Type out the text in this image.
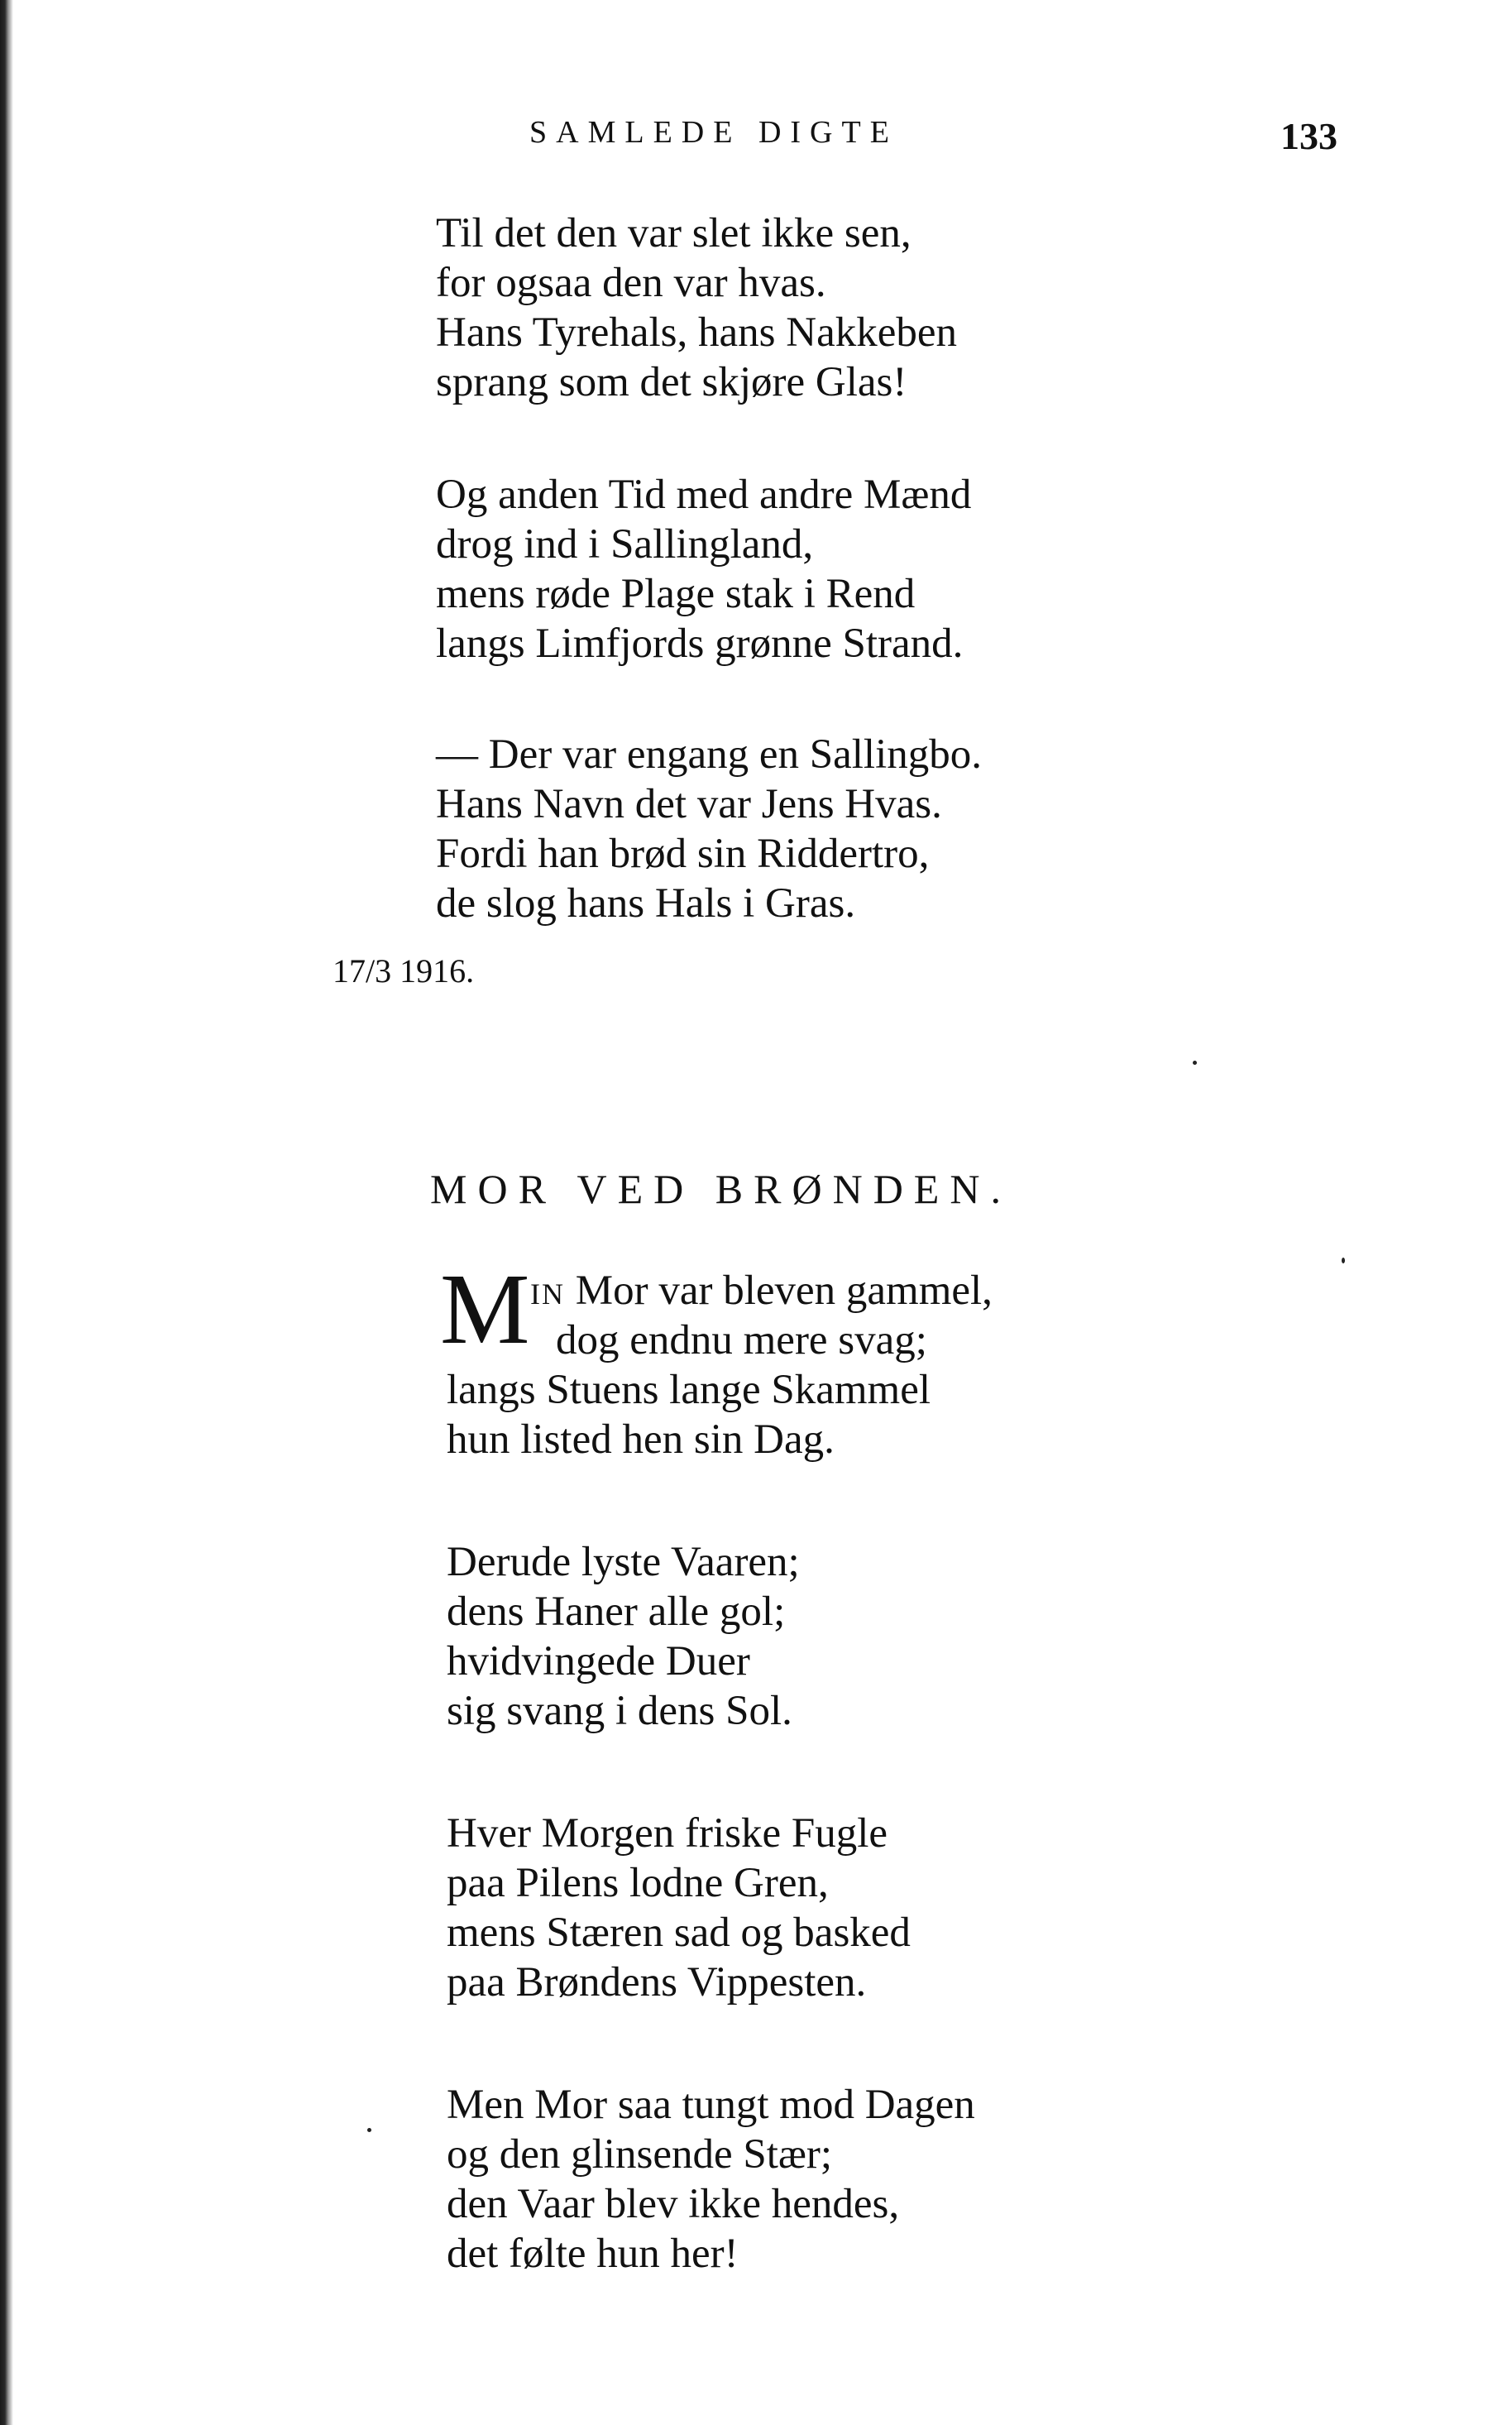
SAMLEDE DIGTE	133
Til det den var slet ikke sen,
for ogsaa den var hvas.
Hans Tyrehals, hans Nakkeben
sprang som det skjøre Glas!
Og anden Tid med andre Mænd
drog ind i Sallingland,
mens røde Plage stak i Rend
langs Limfjords grønne Strand.
— Der var engang en Sallingbo.
Hans Navn det var Jens Hvas.
Fordi han brød sin Riddertro,
de slog hans Hals i Gras.
17/3 1916.
MOR VED BRØNDEN.
M IN Mor var bleven gammel,
dog endnu mere svag;
langs Stuens lange Skammel
hun listed hen sin Dag.
Derude lyste Vaaren;
dens Haner alle gol;
hvidvingede Duer
sig svang i dens Sol.
Hver Morgen friske Fugle
paa Pilens lodne Gren,
mens Stæren sad og basked
paa Brøndens Vippesten.
Men Mor saa tungt mod Dagen
og den glinsende Stær;
den Vaar blev ikke hendes,
det følte hun her!
